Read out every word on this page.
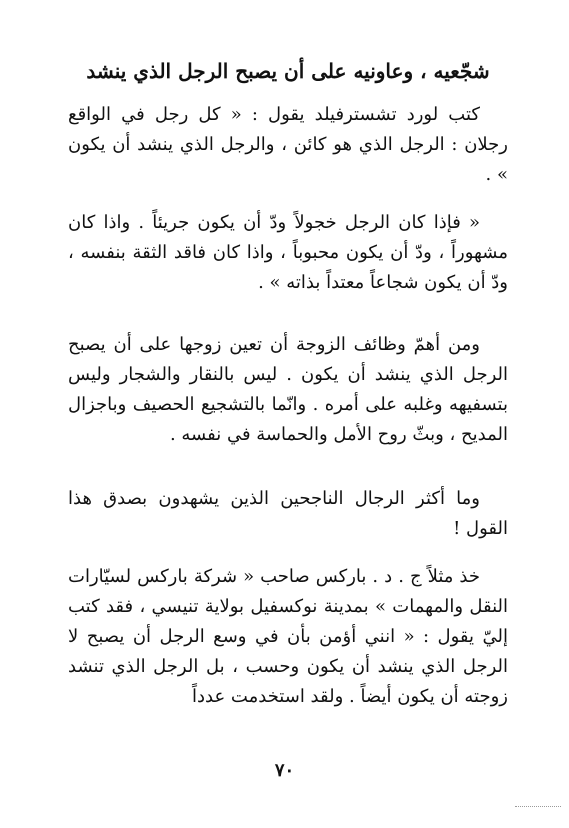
شجّعيه ، وعاونيه على أن يصبح الرجل الذي ينشد

كتب لورد تشسترفيلد يقول : « كل رجل في الواقع رجلان : الرجل الذي هو كائن ، والرجل الذي ينشد أن يكون » .

« فإذا كان الرجل خجولاً ودّ أن يكون جريئاً . واذا كان مشهوراً ، ودّ أن يكون محبوباً ، واذا كان فاقد الثقة بنفسه ، ودّ أن يكون شجاعاً معتداً بذاته » .

ومن أهمّ وظائف الزوجة أن تعين زوجها على أن يصبح الرجل الذي ينشد أن يكون . ليس بالنقار والشجار وليس بتسفيهه وغلبه على أمره . وانّما بالتشجيع الحصيف وباجزال المديح ، وبثّ روح الأمل والحماسة في نفسه .

وما أكثر الرجال الناجحين الذين يشهدون بصدق هذا القول !

خذ مثلاً ج . د . باركس صاحب « شركة باركس لسيّارات النقل والمهمات » بمدينة نوكسفيل بولاية تنيسي ، فقد كتب إليّ يقول : « انني أؤمن بأن في وسع الرجل أن يصبح لا الرجل الذي ينشد أن يكون وحسب ، بل الرجل الذي تنشد زوجته أن يكون أيضاً . ولقد استخدمت عدداً

٧٠
